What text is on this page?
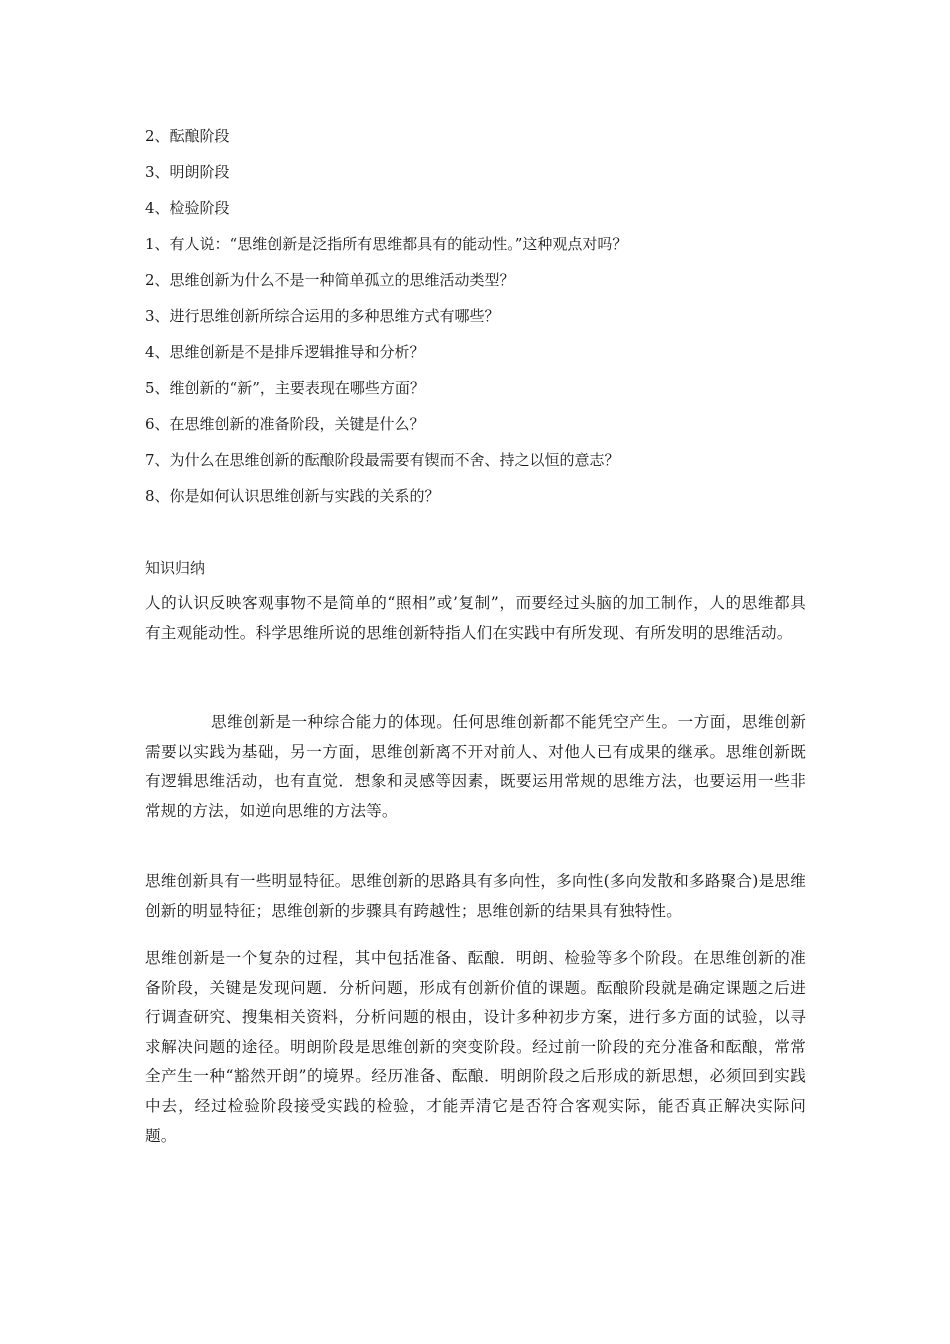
2、酝酿阶段
3、明朗阶段
4、检验阶段
1、有人说：“思维创新是泛指所有思维都具有的能动性。”这种观点对吗？
2、思维创新为什么不是一种简单孤立的思维活动类型？
3、进行思维创新所综合运用的多种思维方式有哪些？
4、思维创新是不是排斥逻辑推导和分析？
5、维创新的“新”，主要表现在哪些方面？
6、在思维创新的准备阶段，关键是什么？
7、为什么在思维创新的酝酿阶段最需要有锲而不舍、持之以恒的意志？
8、你是如何认识思维创新与实践的关系的？
知识归纳
人的认识反映客观事物不是简单的“照相”或’复制”，而要经过头脑的加工制作，人的思维都具有主观能动性。科学思维所说的思维创新特指人们在实践中有所发现、有所发明的思维活动。
思维创新是一种综合能力的体现。任何思维创新都不能凭空产生。一方面，思维创新需要以实践为基础，另一方面，思维创新离不开对前人、对他人已有成果的继承。思维创新既有逻辑思维活动，也有直觉．想象和灵感等因素，既要运用常规的思维方法，也要运用一些非常规的方法，如逆向思维的方法等。
思维创新具有一些明显特征。思维创新的思路具有多向性，多向性(多向发散和多路聚合)是思维创新的明显特征；思维创新的步骤具有跨越性；思维创新的结果具有独特性。
思维创新是一个复杂的过程，其中包括准备、酝酿．明朗、检验等多个阶段。在思维创新的准备阶段，关键是发现问题．分析问题，形成有创新价值的课题。酝酿阶段就是确定课题之后进行调查研究、搜集相关资料，分析问题的根由，设计多种初步方案，进行多方面的试验，以寻求解决问题的途径。明朗阶段是思维创新的突变阶段。经过前一阶段的充分准备和酝酿，常常全产生一种“豁然开朗”的境界。经历准备、酝酿．明朗阶段之后形成的新思想，必须回到实践中去，经过检验阶段接受实践的检验，才能弄清它是否符合客观实际，能否真正解决实际问题。
